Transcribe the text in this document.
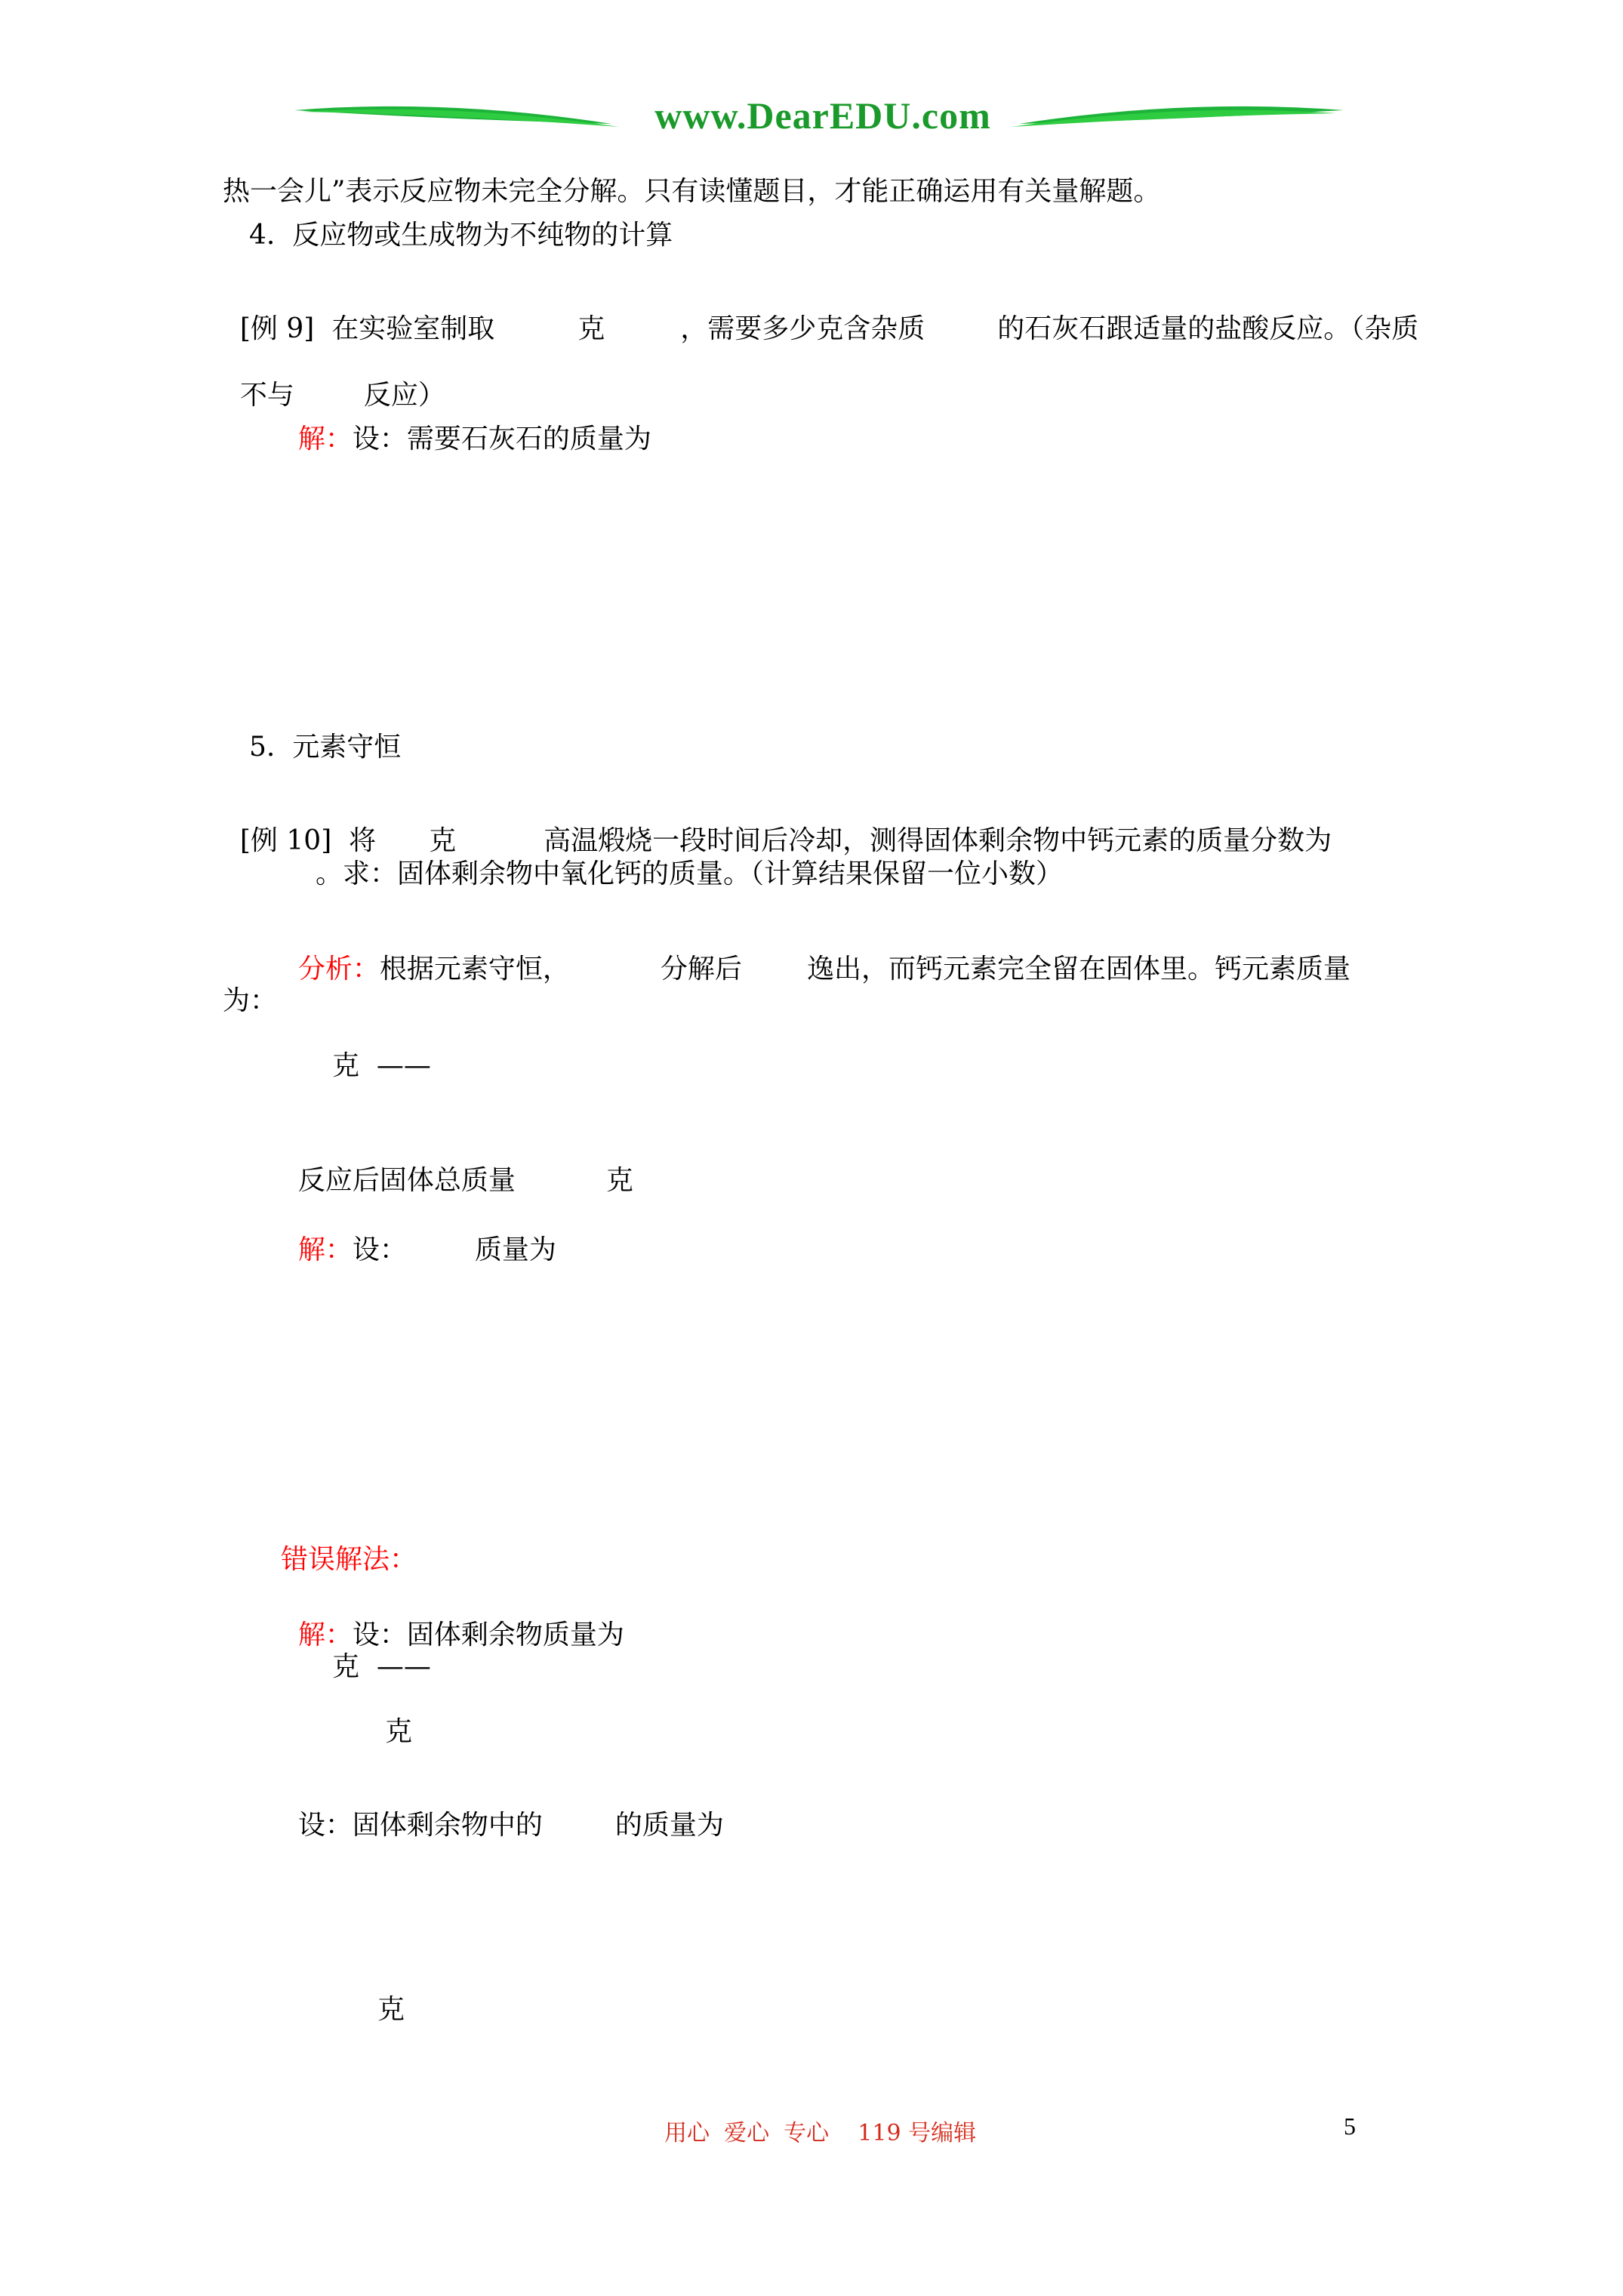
www.DearEDU.com
热一会儿”表示反应物未完全分解。只有读懂题目，才能正确运用有关量解题。
4.  反应物或生成物为不纯物的计算

[例 9]  在实验室制取	克	，需要多少克含杂质	的石灰石跟适量的盐酸反应。（杂质

不与	反应）

解：设：需要石灰石的质量为

5.  元素守恒

[例 10]  将 克	高温煅烧一段时间后冷却，测得固体剩余物中钙元素的质量分数为

。求：固体剩余物中氧化钙的质量。（计算结果保留一位小数）

分析：根据元素守恒，	分解后 逸出，而钙元素完全留在固体里。钙元素质量

为：
克  ——

反应后固体总质量	克

解：设：	质量为

错误解法：

解：设：固体剩余物质量为

克  ——
克

设：固体剩余物中的	的质量为

克
用心  爱心  专心    119 号编辑	5
